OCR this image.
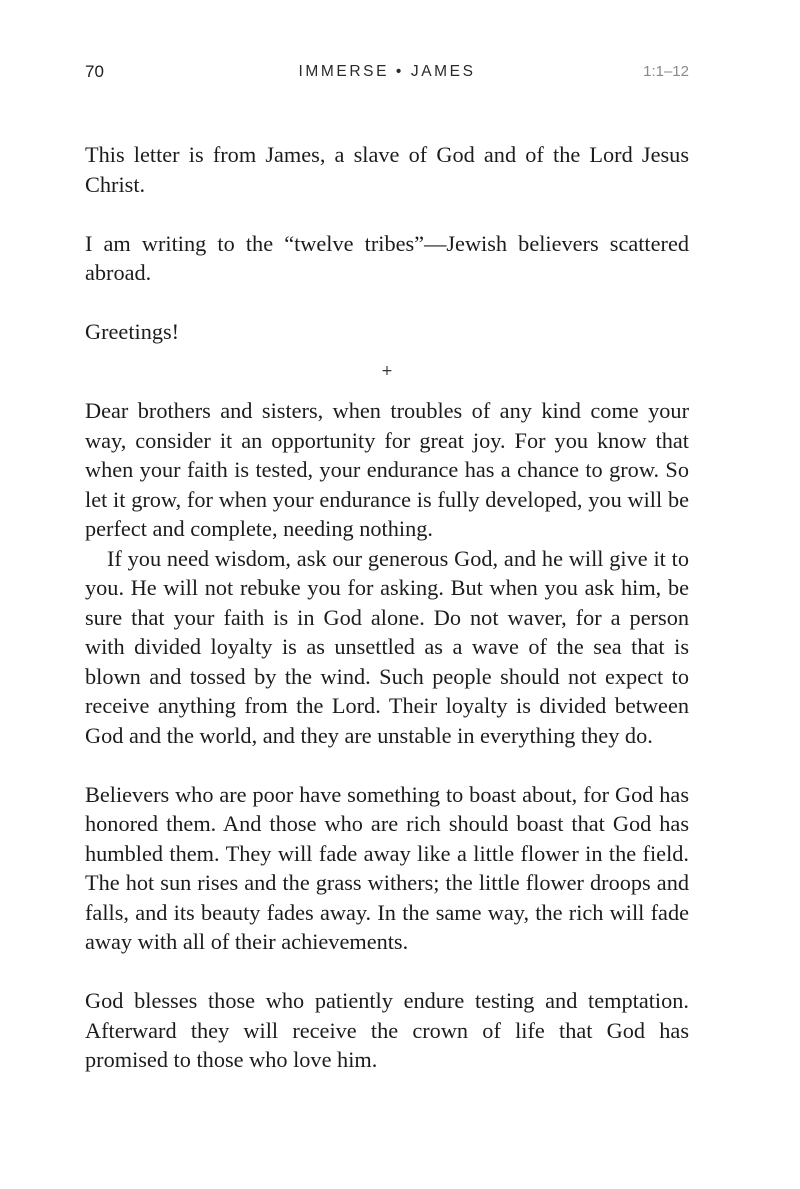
70	IMMERSE • JAMES	1:1–12

This letter is from James, a slave of God and of the Lord Jesus Christ.

I am writing to the “twelve tribes”—Jewish believers scattered abroad.

Greetings!

+

Dear brothers and sisters, when troubles of any kind come your way, consider it an opportunity for great joy. For you know that when your faith is tested, your endurance has a chance to grow. So let it grow, for when your endurance is fully developed, you will be perfect and complete, needing nothing.

If you need wisdom, ask our generous God, and he will give it to you. He will not rebuke you for asking. But when you ask him, be sure that your faith is in God alone. Do not waver, for a person with divided loyalty is as unsettled as a wave of the sea that is blown and tossed by the wind. Such people should not expect to receive anything from the Lord. Their loyalty is divided between God and the world, and they are unstable in everything they do.

Believers who are poor have something to boast about, for God has honored them. And those who are rich should boast that God has humbled them. They will fade away like a little flower in the field. The hot sun rises and the grass withers; the little flower droops and falls, and its beauty fades away. In the same way, the rich will fade away with all of their achievements.

God blesses those who patiently endure testing and temptation. Afterward they will receive the crown of life that God has promised to those who love him.
